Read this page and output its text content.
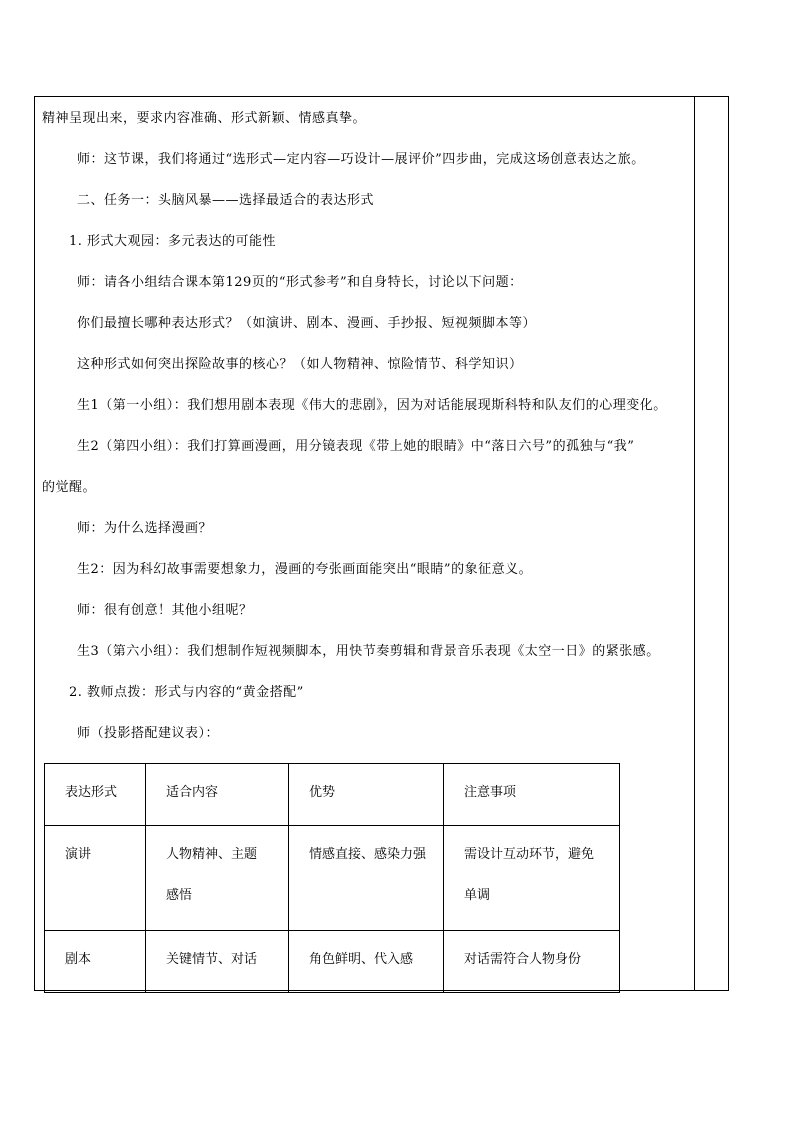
精神呈现出来，要求内容准确、形式新颖、情感真挚。
师：这节课，我们将通过“选形式—定内容—巧设计—展评价”四步曲，完成这场创意表达之旅。
二、任务一：头脑风暴——选择最适合的表达形式
1. 形式大观园：多元表达的可能性
师：请各小组结合课本第129页的“形式参考”和自身特长，讨论以下问题：
你们最擅长哪种表达形式？（如演讲、剧本、漫画、手抄报、短视频脚本等）
这种形式如何突出探险故事的核心？（如人物精神、惊险情节、科学知识）
生1（第一小组）：我们想用剧本表现《伟大的悲剧》，因为对话能展现斯科特和队友们的心理变化。
生2（第四小组）：我们打算画漫画，用分镜表现《带上她的眼睛》中“落日六号”的孤独与“我”
的觉醒。
师：为什么选择漫画？
生2：因为科幻故事需要想象力，漫画的夸张画面能突出“眼睛”的象征意义。
师：很有创意！其他小组呢？
生3（第六小组）：我们想制作短视频脚本，用快节奏剪辑和背景音乐表现《太空一日》的紧张感。
2. 教师点拨：形式与内容的“黄金搭配”
师（投影搭配建议表）：
表达形式	适合内容	优势	注意事项
演讲	人物精神、主题感悟	情感直接、感染力强	需设计互动环节，避免单调
剧本	关键情节、对话	角色鲜明、代入感	对话需符合人物身份
